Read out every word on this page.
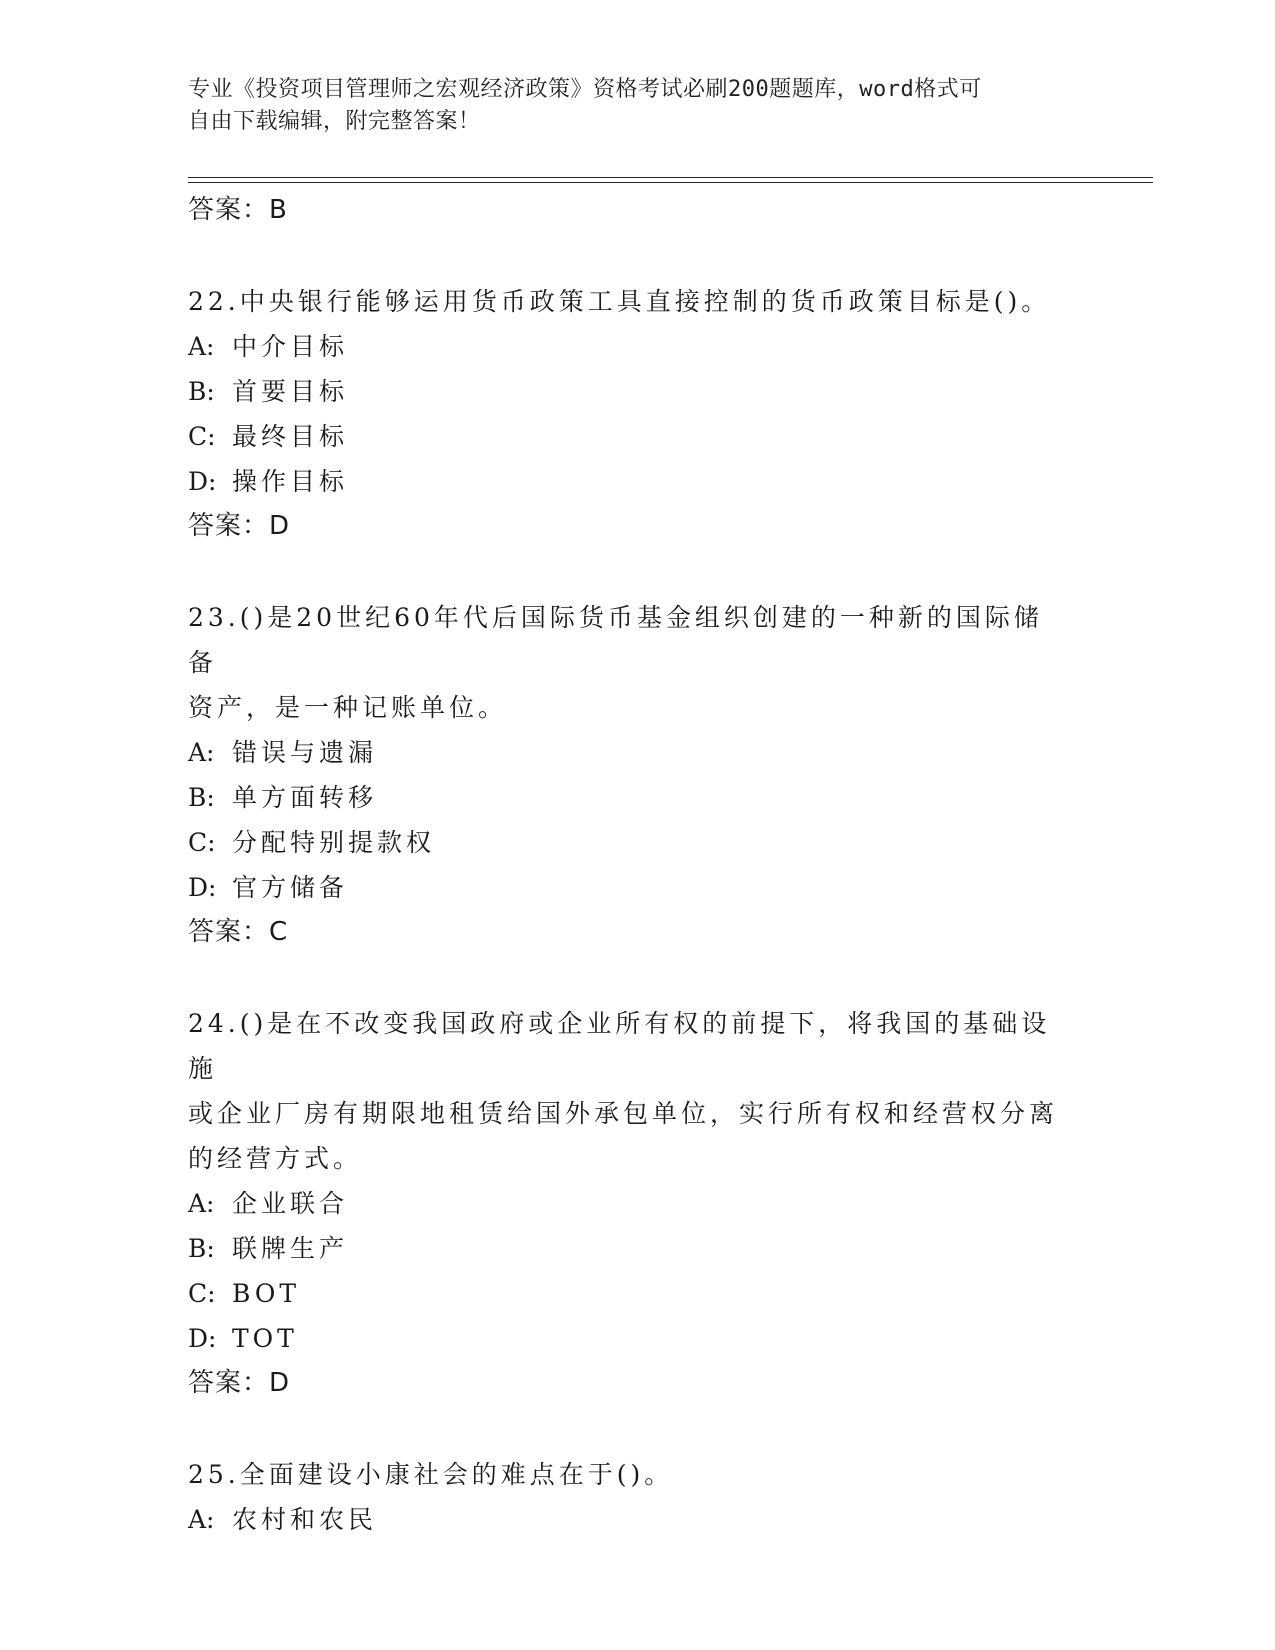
专业《投资项目管理师之宏观经济政策》资格考试必刷200题题库，word格式可
自由下载编辑，附完整答案！
答案：B
22.中央银行能够运用货币政策工具直接控制的货币政策目标是()。
A: 中介目标
B: 首要目标
C: 最终目标
D: 操作目标
答案：D
23.()是20世纪60年代后国际货币基金组织创建的一种新的国际储备
资产，是一种记账单位。
A: 错误与遗漏
B: 单方面转移
C: 分配特别提款权
D: 官方储备
答案：C
24.()是在不改变我国政府或企业所有权的前提下，将我国的基础设施
或企业厂房有期限地租赁给国外承包单位，实行所有权和经营权分离
的经营方式。
A: 企业联合
B: 联牌生产
C: BOT
D: TOT
答案：D
25.全面建设小康社会的难点在于()。
A: 农村和农民
